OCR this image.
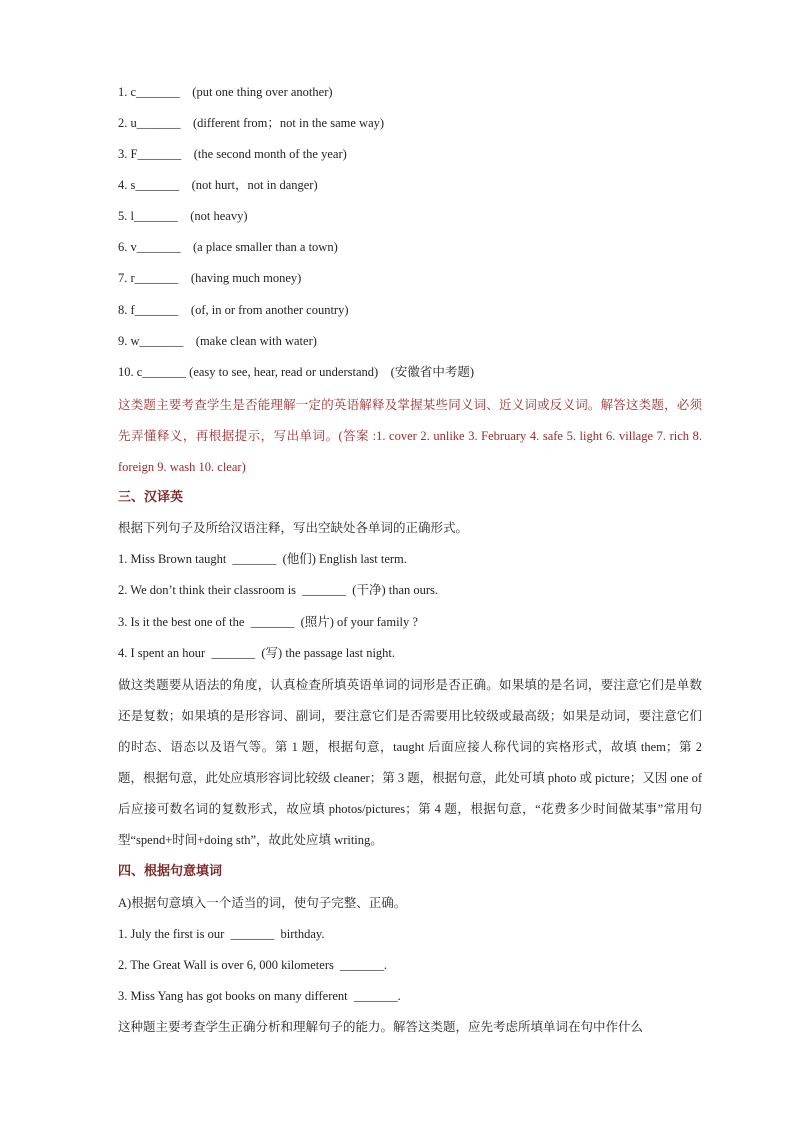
1. c_______    (put one thing over another)
2. u_______    (different from；not in the same way)
3. F_______    (the second month of the year)
4. s_______    (not hurt，not in danger)
5. l_______    (not heavy)
6. v_______    (a place smaller than a town)
7. r_______    (having much money)
8. f_______    (of, in or from another country)
9. w_______    (make clean with water)
10. c_______ (easy to see, hear, read or understand)    (安徽省中考题)
这类题主要考查学生是否能理解一定的英语解释及掌握某些同义词、近义词或反义词。解答这类题，必须先弄懂释义，再根据提示，写出单词。(答案 :1. cover 2. unlike 3. February 4. safe 5. light 6. village 7. rich 8. foreign 9. wash 10. clear)
三、汉译英
根据下列句子及所给汉语注释，写出空缺处各单词的正确形式。
1. Miss Brown taught  _______  (他们) English last term.
2. We don’t think their classroom is  _______  (干净) than ours.
3. Is it the best one of the  _______  (照片) of your family ?
4. I spent an hour  _______  (写) the passage last night.
做这类题要从语法的角度，认真检查所填英语单词的词形是否正确。如果填的是名词，要注意它们是单数还是复数；如果填的是形容词、副词，要注意它们是否需要用比较级或最高级；如果是动词，要注意它们的时态、语态以及语气等。第 1 题，根据句意，taught 后面应接人称代词的宾格形式，故填 them；第 2 题，根据句意，此处应填形容词比较级 cleaner；第 3 题，根据句意，此处可填 photo 或 picture；又因 one of 后应接可数名词的复数形式，故应填 photos/pictures；第 4 题，根据句意，“花费多少时间做某事”常用句型“spend+时间+doing sth”，故此处应填 writing。
四、根据句意填词
A)根据句意填入一个适当的词，使句子完整、正确。
1. July the first is our  _______  birthday.
2. The Great Wall is over 6, 000 kilometers  _______.
3. Miss Yang has got books on many different  _______.
这种题主要考查学生正确分析和理解句子的能力。解答这类题，应先考虑所填单词在句中作什么
